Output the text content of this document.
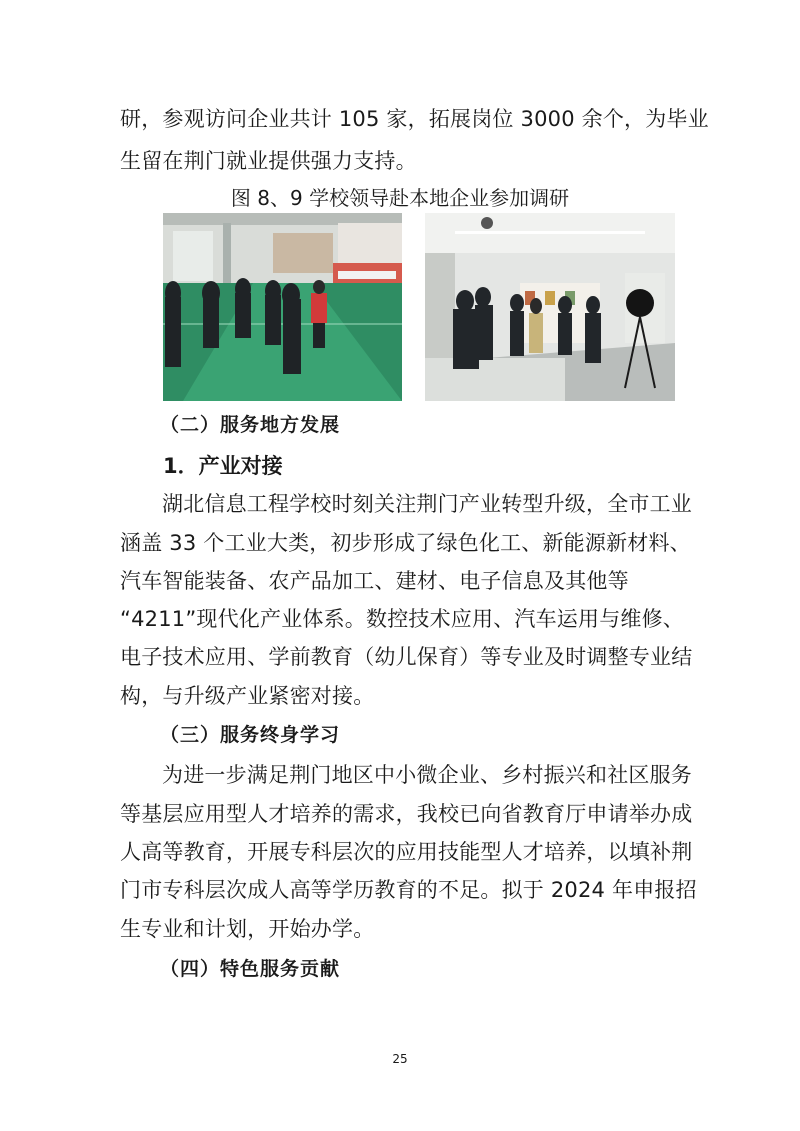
研，参观访问企业共计 105 家，拓展岗位 3000 余个，为毕业
生留在荆门就业提供强力支持。
图 8、9 学校领导赴本地企业参加调研
（二）服务地方发展
1．产业对接
湖北信息工程学校时刻关注荆门产业转型升级，全市工业
涵盖 33 个工业大类，初步形成了绿色化工、新能源新材料、
汽车智能装备、农产品加工、建材、电子信息及其他等
“4211”现代化产业体系。数控技术应用、汽车运用与维修、
电子技术应用、学前教育（幼儿保育）等专业及时调整专业结
构，与升级产业紧密对接。
（三）服务终身学习
为进一步满足荆门地区中小微企业、乡村振兴和社区服务
等基层应用型人才培养的需求，我校已向省教育厅申请举办成
人高等教育，开展专科层次的应用技能型人才培养，以填补荆
门市专科层次成人高等学历教育的不足。拟于 2024 年申报招
生专业和计划，开始办学。
（四）特色服务贡献
25
